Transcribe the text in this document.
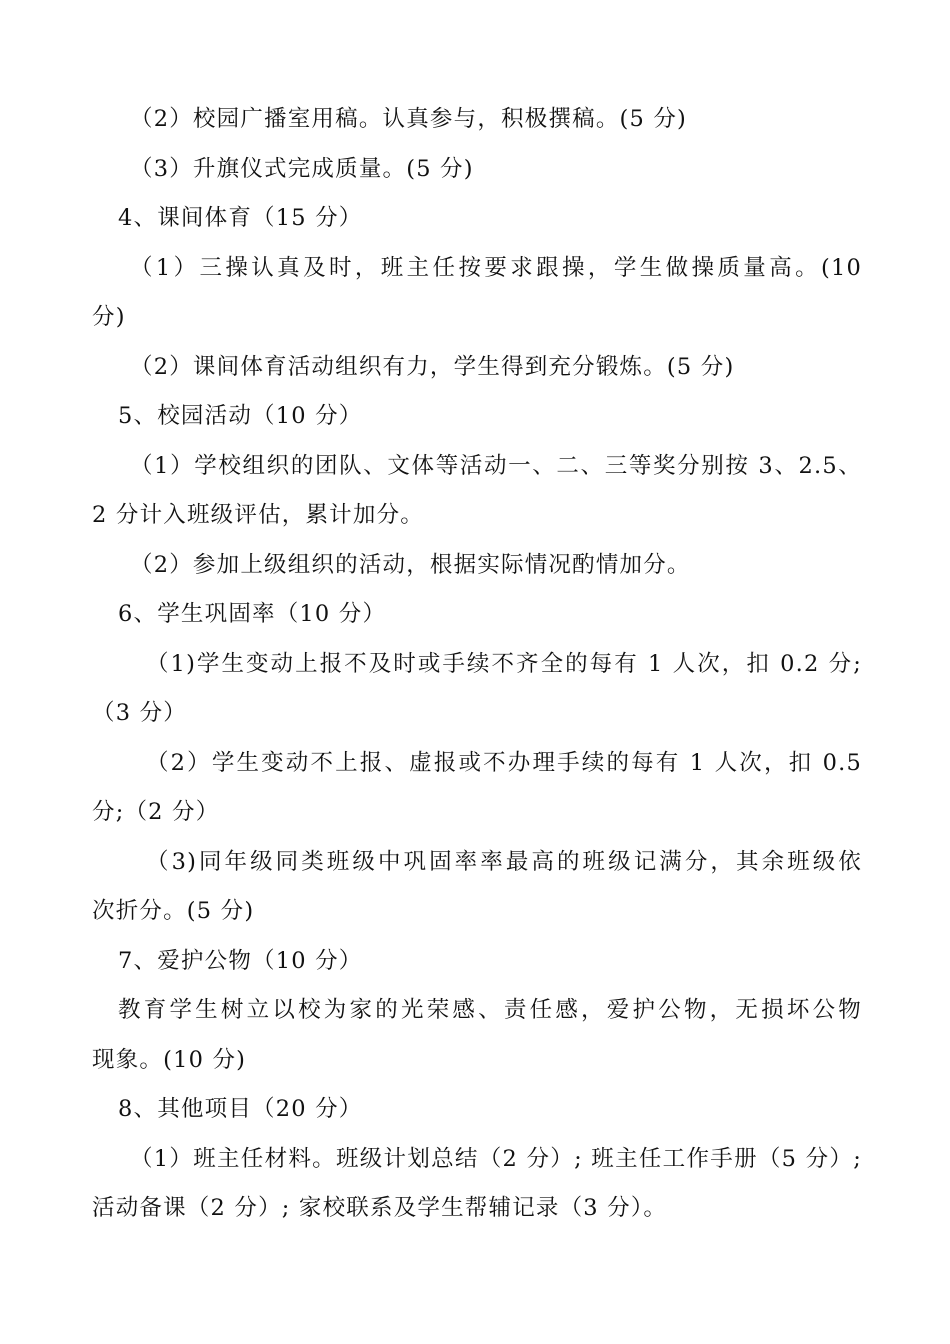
（2）校园广播室用稿。认真参与，积极撰稿。(5 分)
（3）升旗仪式完成质量。(5 分)
4、课间体育（15 分）
（1）三操认真及时，班主任按要求跟操，学生做操质量高。(10
分)
（2）课间体育活动组织有力，学生得到充分锻炼。(5 分)
5、校园活动（10 分）
（1）学校组织的团队、文体等活动一、二、三等奖分别按 3、2.5、
2 分计入班级评估，累计加分。
（2）参加上级组织的活动，根据实际情况酌情加分。
6、学生巩固率（10 分）
（1)学生变动上报不及时或手续不齐全的每有 1 人次，扣 0.2 分;
（3 分）
（2）学生变动不上报、虚报或不办理手续的每有 1 人次，扣 0.5
分;（2 分）
（3)同年级同类班级中巩固率率最高的班级记满分，其余班级依
次折分。(5 分)
7、爱护公物（10 分）
教育学生树立以校为家的光荣感、责任感，爱护公物，无损坏公物
现象。(10 分)
8、其他项目（20 分）
（1）班主任材料。班级计划总结（2 分）; 班主任工作手册（5 分）;
活动备课（2 分）; 家校联系及学生帮辅记录（3 分）。
